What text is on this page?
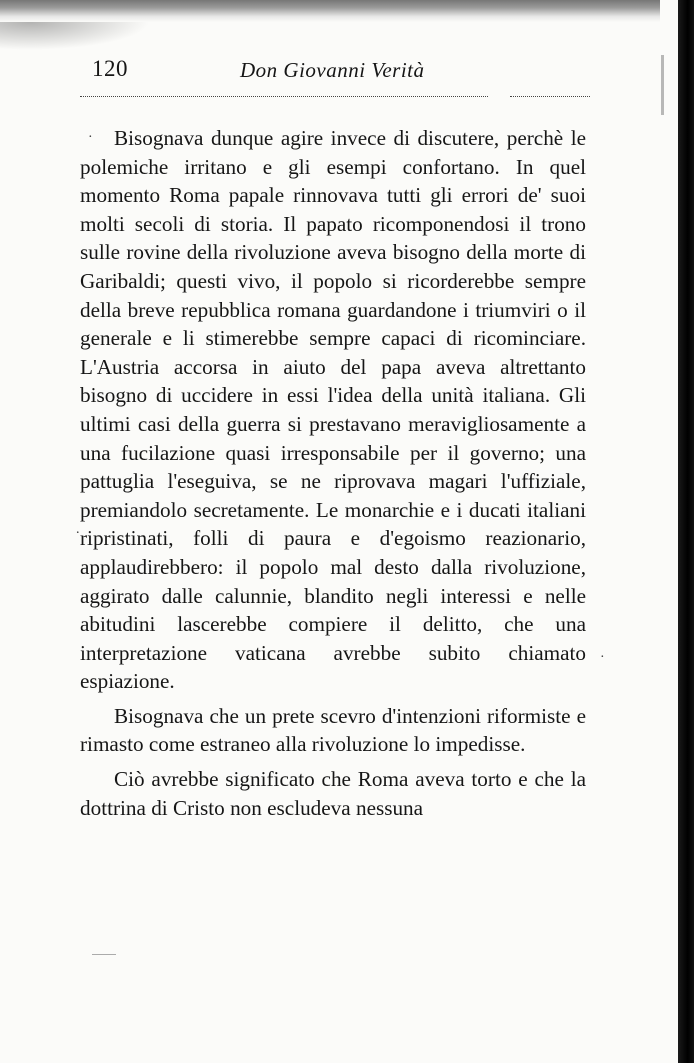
120	Don Giovanni Verità

Bisognava dunque agire invece di discutere, perchè le polemiche irritano e gli esempi confortano. In quel momento Roma papale rinnovava tutti gli errori de' suoi molti secoli di storia. Il papato ricomponendosi il trono sulle rovine della rivoluzione aveva bisogno della morte di Garibaldi; questi vivo, il popolo si ricorderebbe sempre della breve repubblica romana guardandone i triumviri o il generale e li stimerebbe sempre capaci di ricominciare. L'Austria accorsa in aiuto del papa aveva altrettanto bisogno di uccidere in essi l'idea della unità italiana. Gli ultimi casi della guerra si prestavano meravigliosamente a una fucilazione quasi irresponsabile per il governo; una pattuglia l'eseguiva, se ne riprovava magari l'uffiziale, premiandolo secretamente. Le monarchie e i ducati italiani ripristinati, folli di paura e d'egoismo reazionario, applaudirebbero: il popolo mal desto dalla rivoluzione, aggirato dalle calunnie, blandito negli interessi e nelle abitudini lascerebbe compiere il delitto, che una interpretazione vaticana avrebbe subito chiamato espiazione.

Bisognava che un prete scevro d'intenzioni riformiste e rimasto come estraneo alla rivoluzione lo impedisse.

Ciò avrebbe significato che Roma aveva torto e che la dottrina di Cristo non escludeva nessuna

·
.
·
